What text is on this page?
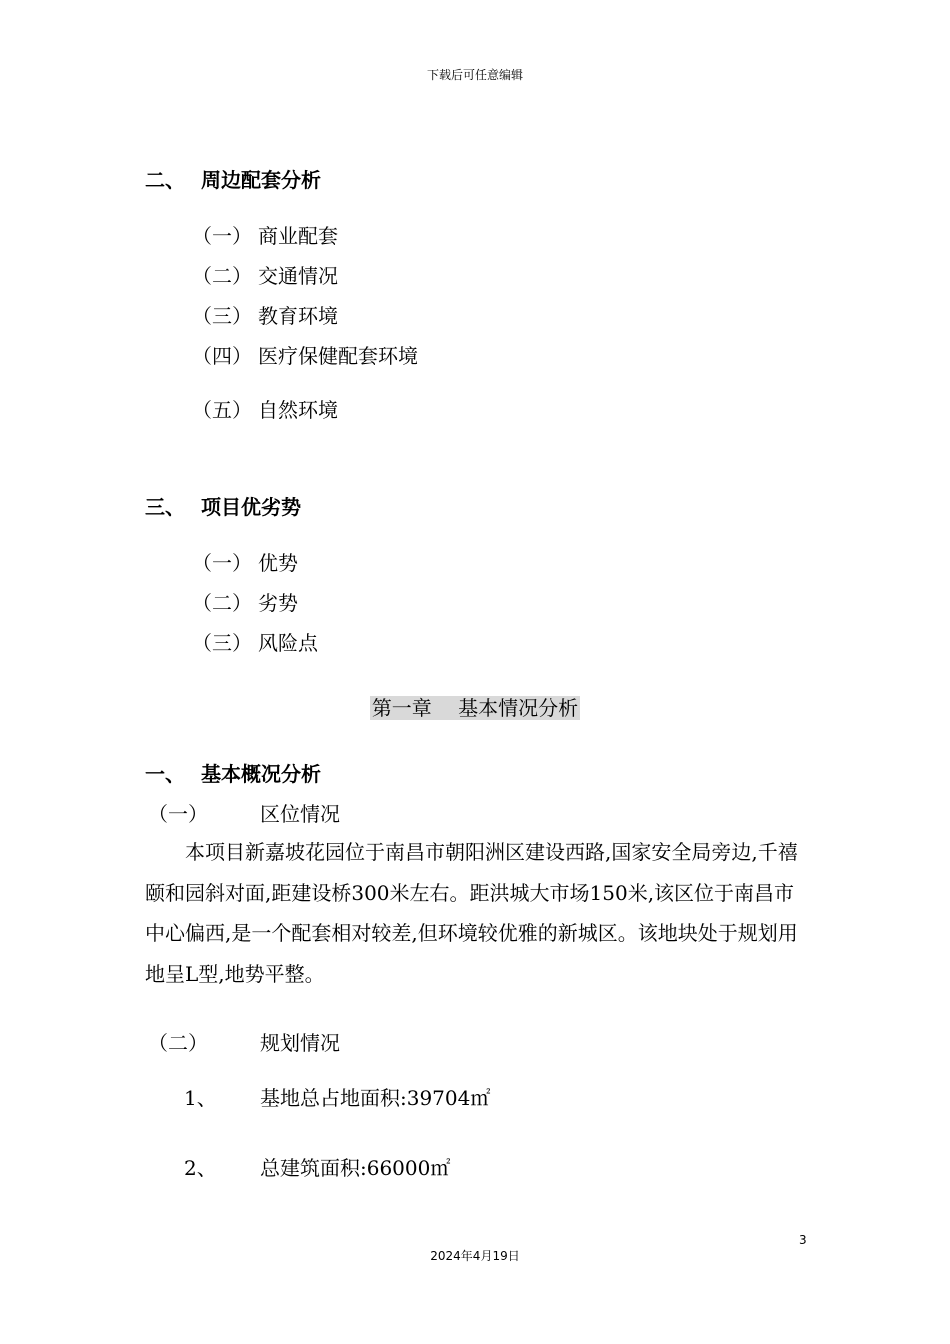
下载后可任意编辑
二、 周边配套分析
（一） 商业配套
（二） 交通情况
（三） 教育环境
（四） 医疗保健配套环境
（五） 自然环境
三、 项目优劣势
（一） 优势
（二） 劣势
（三） 风险点
第一章　 基本情况分析
一、 基本概况分析
（一）	区位情况
本项目新嘉坡花园位于南昌市朝阳洲区建设西路,国家安全局旁边,千禧颐和园斜对面,距建设桥300米左右。距洪城大市场150米,该区位于南昌市中心偏西,是一个配套相对较差,但环境较优雅的新城区。该地块处于规划用地呈L型,地势平整。
（二）	规划情况
1、 基地总占地面积:39704㎡
2、 总建筑面积:66000㎡
3
2024年4月19日
